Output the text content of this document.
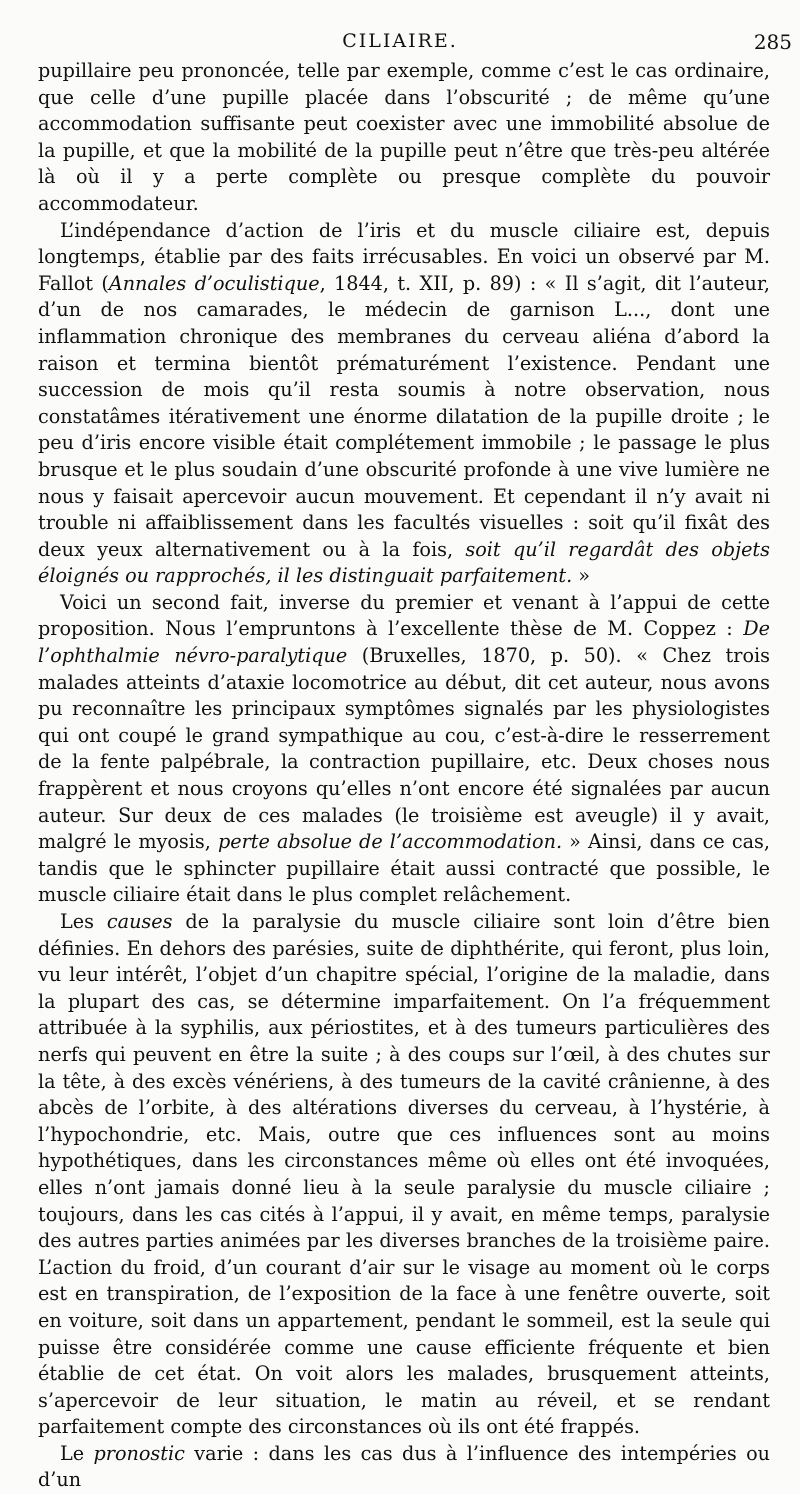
CILIAIRE.	285

pupillaire peu prononcée, telle par exemple, comme c’est le cas ordinaire, que celle d’une pupille placée dans l’obscurité ; de même qu’une accommodation suffisante peut coexister avec une immobilité absolue de la pupille, et que la mobilité de la pupille peut n’être que très-peu altérée là où il y a perte complète ou presque complète du pouvoir accommodateur.

L’indépendance d’action de l’iris et du muscle ciliaire est, depuis longtemps, établie par des faits irrécusables. En voici un observé par M. Fallot (Annales d’oculistique, 1844, t. XII, p. 89) : « Il s’agit, dit l’auteur, d’un de nos camarades, le médecin de garnison L..., dont une inflammation chronique des membranes du cerveau aliéna d’abord la raison et termina bientôt prématurément l’existence. Pendant une succession de mois qu’il resta soumis à notre observation, nous constatâmes itérativement une énorme dilatation de la pupille droite ; le peu d’iris encore visible était complétement immobile ; le passage le plus brusque et le plus soudain d’une obscurité profonde à une vive lumière ne nous y faisait apercevoir aucun mouvement. Et cependant il n’y avait ni trouble ni affaiblissement dans les facultés visuelles : soit qu’il fixât des deux yeux alternativement ou à la fois, soit qu’il regardât des objets éloignés ou rapprochés, il les distinguait parfaitement. »

Voici un second fait, inverse du premier et venant à l’appui de cette proposition. Nous l’empruntons à l’excellente thèse de M. Coppez : De l’ophthalmie névro-paralytique (Bruxelles, 1870, p. 50). « Chez trois malades atteints d’ataxie locomotrice au début, dit cet auteur, nous avons pu reconnaître les principaux symptômes signalés par les physiologistes qui ont coupé le grand sympathique au cou, c’est-à-dire le resserrement de la fente palpébrale, la contraction pupillaire, etc. Deux choses nous frappèrent et nous croyons qu’elles n’ont encore été signalées par aucun auteur. Sur deux de ces malades (le troisième est aveugle) il y avait, malgré le myosis, perte absolue de l’accommodation. » Ainsi, dans ce cas, tandis que le sphincter pupillaire était aussi contracté que possible, le muscle ciliaire était dans le plus complet relâchement.

Les causes de la paralysie du muscle ciliaire sont loin d’être bien définies. En dehors des parésies, suite de diphthérite, qui feront, plus loin, vu leur intérêt, l’objet d’un chapitre spécial, l’origine de la maladie, dans la plupart des cas, se détermine imparfaitement. On l’a fréquemment attribuée à la syphilis, aux périostites, et à des tumeurs particulières des nerfs qui peuvent en être la suite ; à des coups sur l’œil, à des chutes sur la tête, à des excès vénériens, à des tumeurs de la cavité crânienne, à des abcès de l’orbite, à des altérations diverses du cerveau, à l’hystérie, à l’hypochondrie, etc. Mais, outre que ces influences sont au moins hypothétiques, dans les circonstances même où elles ont été invoquées, elles n’ont jamais donné lieu à la seule paralysie du muscle ciliaire ; toujours, dans les cas cités à l’appui, il y avait, en même temps, paralysie des autres parties animées par les diverses branches de la troisième paire. L’action du froid, d’un courant d’air sur le visage au moment où le corps est en transpiration, de l’exposition de la face à une fenêtre ouverte, soit en voiture, soit dans un appartement, pendant le sommeil, est la seule qui puisse être considérée comme une cause efficiente fréquente et bien établie de cet état. On voit alors les malades, brusquement atteints, s’apercevoir de leur situation, le matin au réveil, et se rendant parfaitement compte des circonstances où ils ont été frappés.

Le pronostic varie : dans les cas dus à l’influence des intempéries ou d’un
